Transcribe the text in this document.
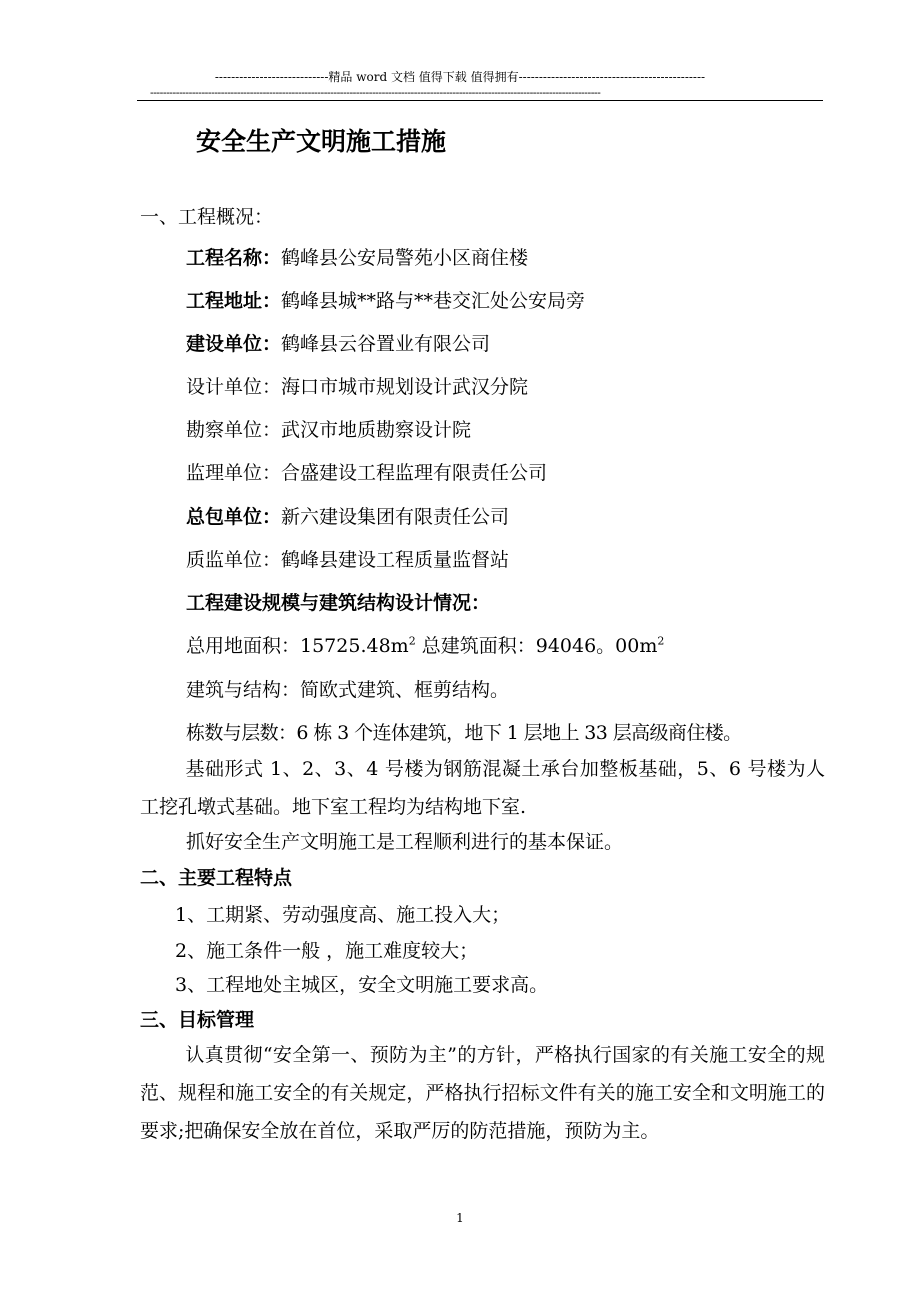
----------------------------精品 word 文档 值得下载 值得拥有----------------------------------------------
--------------------------------------------------------------------------------------------------------------------------------------------
安全生产文明施工措施
一、工程概况：
工程名称：鹤峰县公安局警苑小区商住楼
工程地址：鹤峰县城**路与**巷交汇处公安局旁
建设单位：鹤峰县云谷置业有限公司
设计单位：海口市城市规划设计武汉分院
勘察单位：武汉市地质勘察设计院
监理单位：合盛建设工程监理有限责任公司
总包单位：新六建设集团有限责任公司
质监单位：鹤峰县建设工程质量监督站
工程建设规模与建筑结构设计情况：
总用地面积：$15725.48m^2$ 总建筑面积：94046。$00m^2$
建筑与结构：简欧式建筑、框剪结构。
栋数与层数：6 栋 3 个连体建筑，地下 1 层地上 33 层高级商住楼。
基础形式 1、2、3、4 号楼为钢筋混凝土承台加整板基础，5、6 号楼为人工挖孔墩式基础。地下室工程均为结构地下室.
抓好安全生产文明施工是工程顺利进行的基本保证。
二、主要工程特点
1、工期紧、劳动强度高、施工投入大；
2、施工条件一般 ，施工难度较大；
3、工程地处主城区，安全文明施工要求高。
三、目标管理
认真贯彻“安全第一、预防为主”的方针，严格执行国家的有关施工安全的规范、规程和施工安全的有关规定，严格执行招标文件有关的施工安全和文明施工的要求;把确保安全放在首位，采取严厉的防范措施，预防为主。
1
